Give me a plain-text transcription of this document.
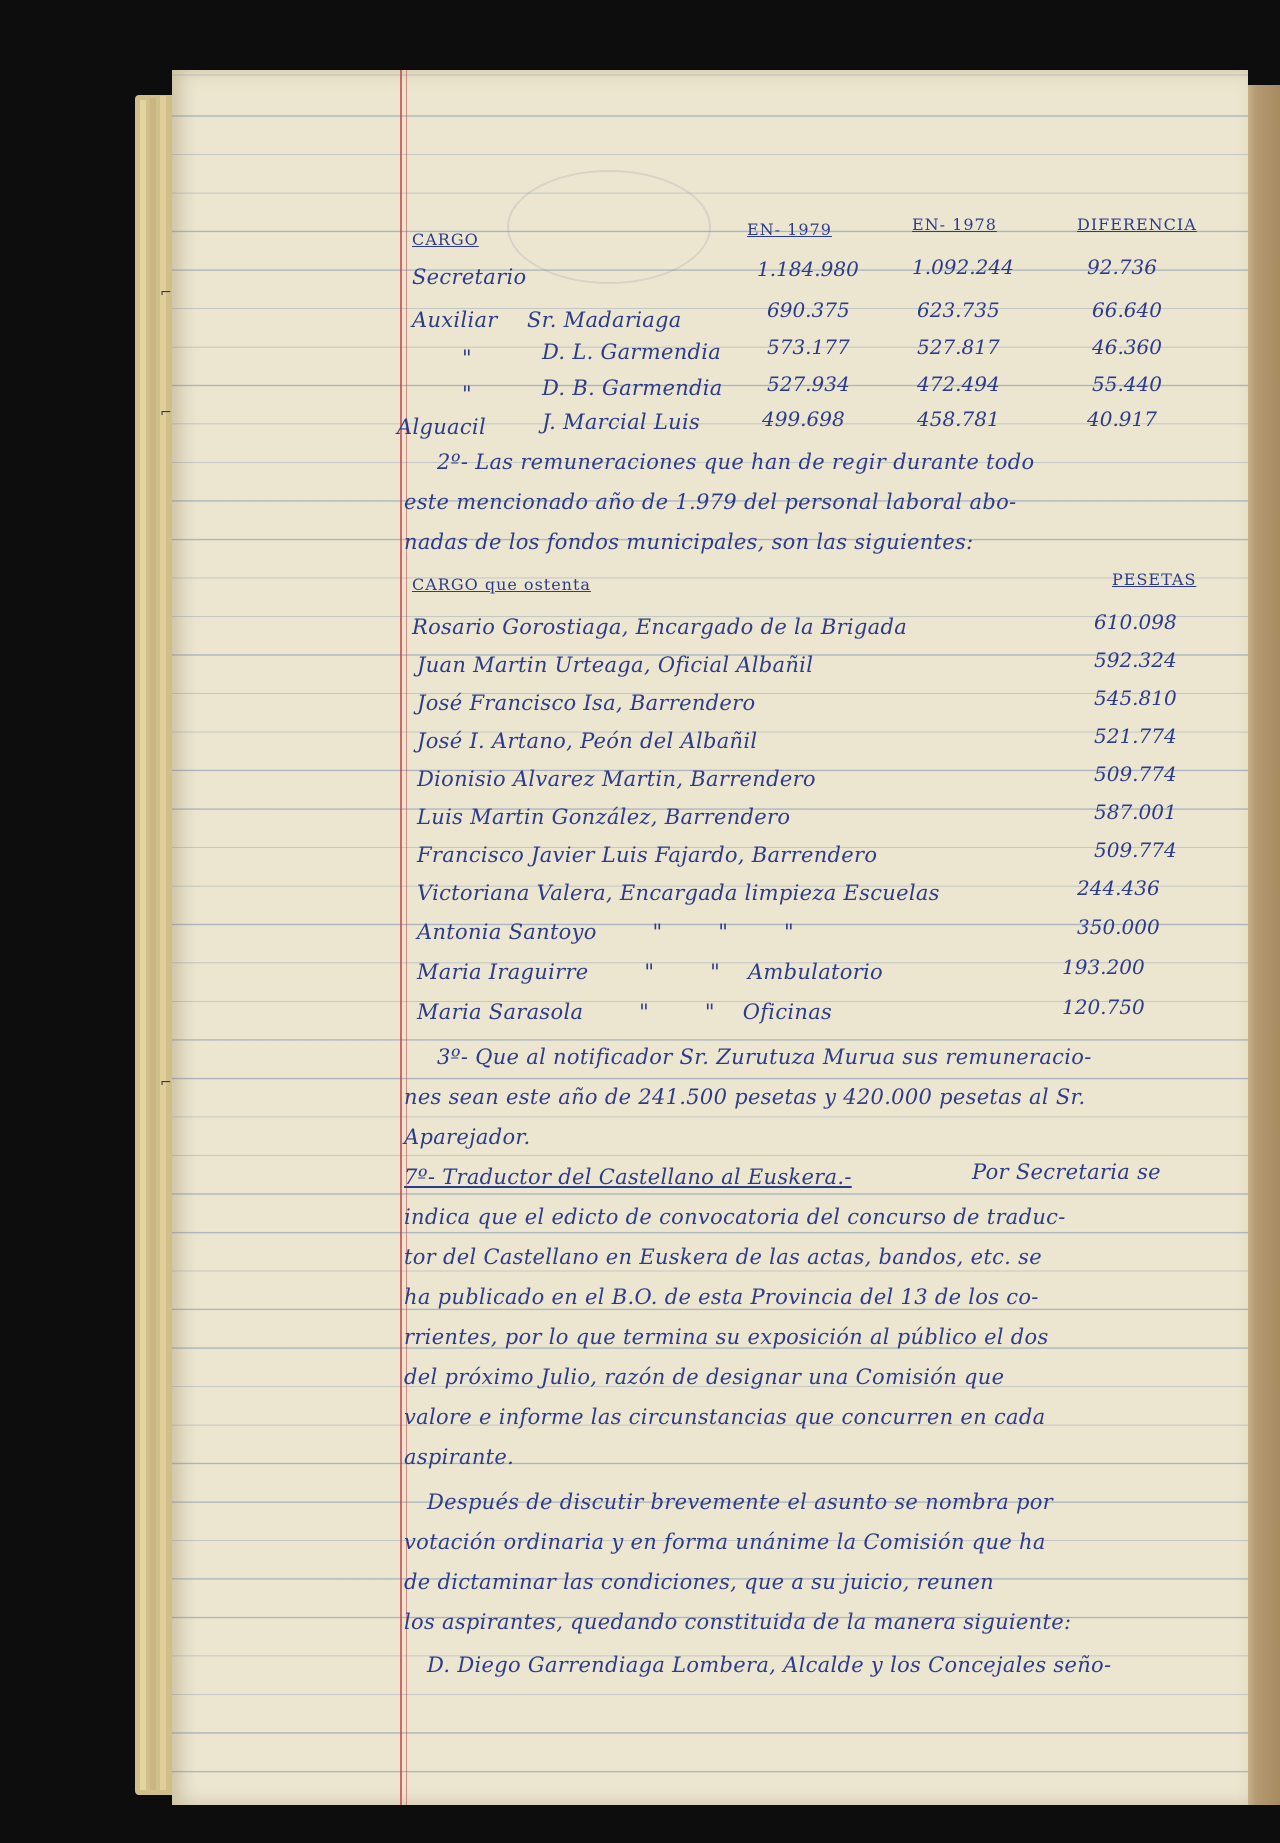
⌐
⌐
⌐
CARGO
EN- 1979	EN- 1978	DIFERENCIA
Secretario	1.184.980	1.092.244	92.736
Auxiliar Sr. Madariaga	690.375	623.735	66.640
"	D. L. Garmendia 573.177	527.817	46.360
"	D. B. Garmendia 527.934	472.494	55.440
Alguacil	J. Marcial Luis	499.698	458.781	40.917
2º- Las remuneraciones que han de regir durante todo
este mencionado año de 1.979 del personal laboral abo-
nadas de los fondos municipales, son las siguientes:
CARGO que ostenta	PESETAS
Rosario Gorostiaga, Encargado de la Brigada	610.098
Juan Martin Urteaga, Oficial Albañil	592.324
José Francisco Isa, Barrendero	545.810
José I. Artano, Peón del Albañil	521.774
Dionisio Alvarez Martin, Barrendero	509.774
Luis Martin González, Barrendero	587.001
Francisco Javier Luis Fajardo, Barrendero	509.774
Victoriana Valera, Encargada limpieza Escuelas	244.436
Antonia Santoyo        "        "        "	350.000
Maria Iraguirre        "        "    Ambulatorio	193.200
Maria Sarasola        "        "    Oficinas	120.750
3º- Que al notificador Sr. Zurutuza Murua sus remuneracio-
nes sean este año de 241.500 pesetas y 420.000 pesetas al Sr.
Aparejador.
7º- Traductor del Castellano al Euskera.-	Por Secretaria se
indica que el edicto de convocatoria del concurso de traduc-
tor del Castellano en Euskera de las actas, bandos, etc. se
ha publicado en el B.O. de esta Provincia del 13 de los co-
rrientes, por lo que termina su exposición al público el dos
del próximo Julio, razón de designar una Comisión que
valore e informe las circunstancias que concurren en cada
aspirante.
Después de discutir brevemente el asunto se nombra por
votación ordinaria y en forma unánime la Comisión que ha
de dictaminar las condiciones, que a su juicio, reunen
los aspirantes, quedando constituida de la manera siguiente:
D. Diego Garrendiaga Lombera, Alcalde y los Concejales seño-
